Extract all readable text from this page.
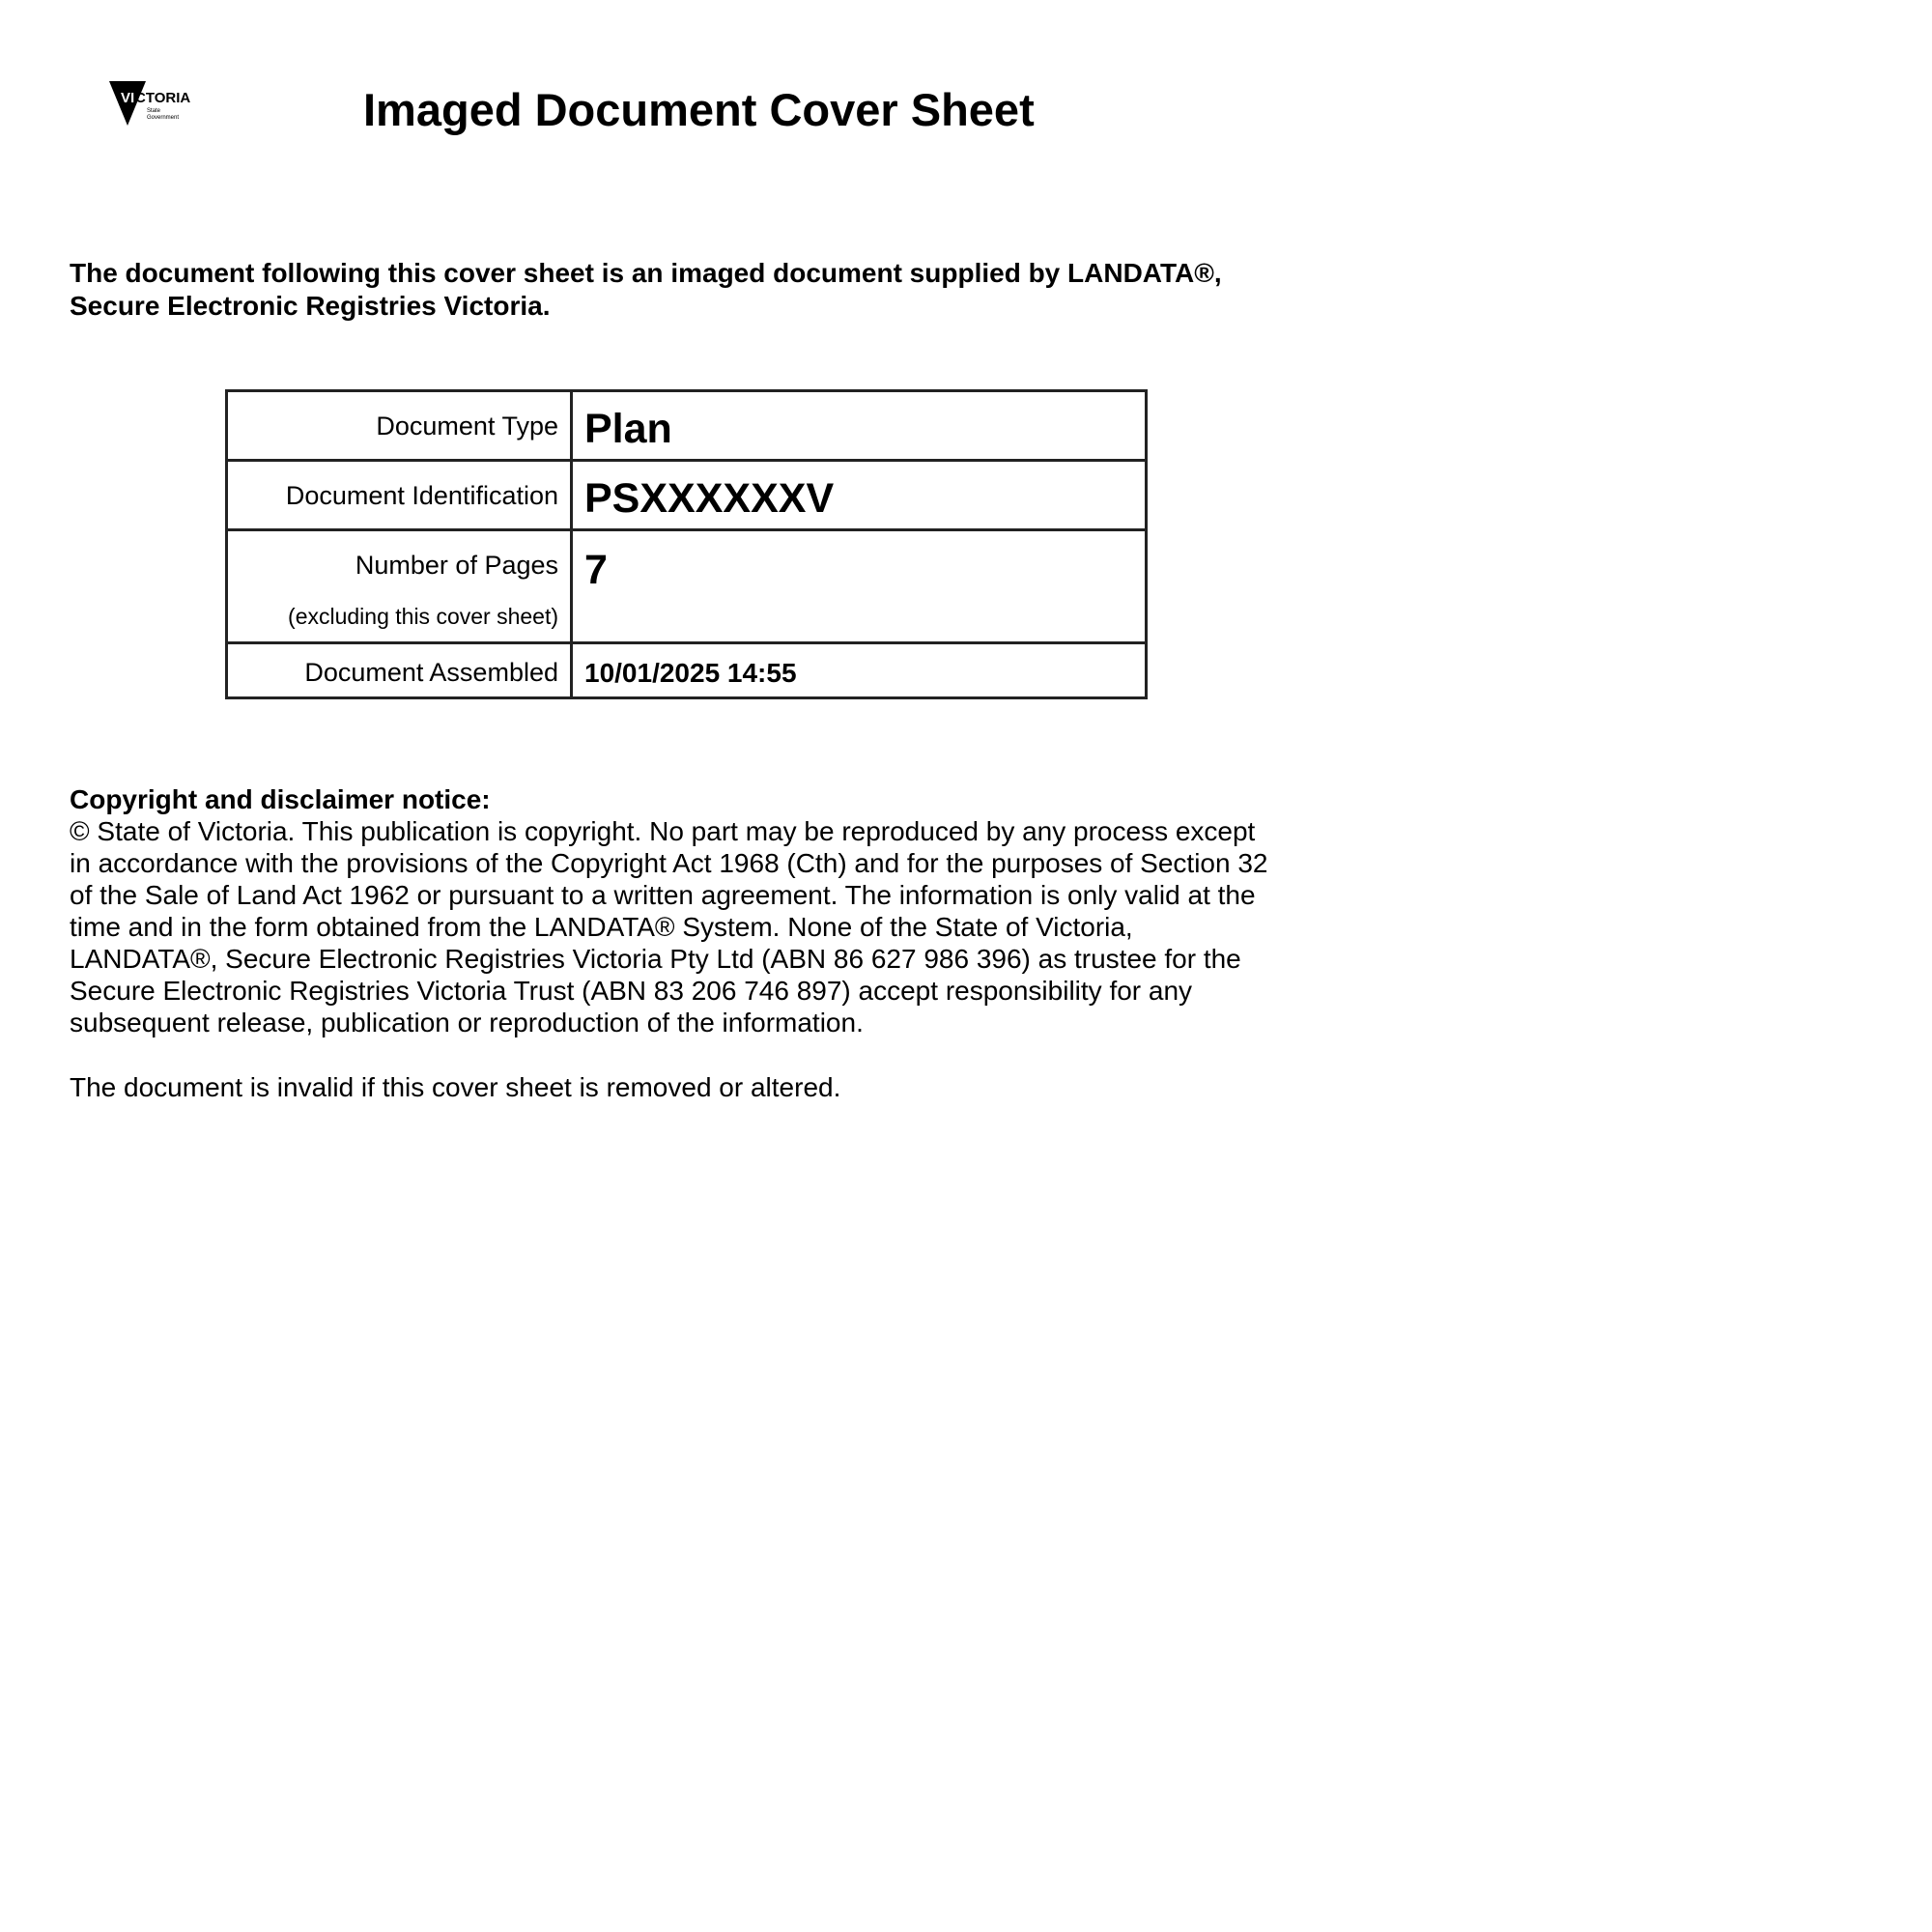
VI CTORIA
State
Government	Imaged Document Cover Sheet
The document following this cover sheet is an imaged document supplied by LANDATA®,
Secure Electronic Registries Victoria.
Document Type	Plan
Document Identification	PSXXXXXXV
Number of Pages
(excluding this cover sheet)	7
Document Assembled	10/01/2025 14:55

Copyright and disclaimer notice:

© State of Victoria. This publication is copyright. No part may be reproduced by any process except

in accordance with the provisions of the Copyright Act 1968 (Cth) and for the purposes of Section 32

of the Sale of Land Act 1962 or pursuant to a written agreement. The information is only valid at the

time and in the form obtained from the LANDATA® System. None of the State of Victoria,

LANDATA®, Secure Electronic Registries Victoria Pty Ltd (ABN 86 627 986 396) as trustee for the

Secure Electronic Registries Victoria Trust (ABN 83 206 746 897) accept responsibility for any

subsequent release, publication or reproduction of the information.

The document is invalid if this cover sheet is removed or altered.
